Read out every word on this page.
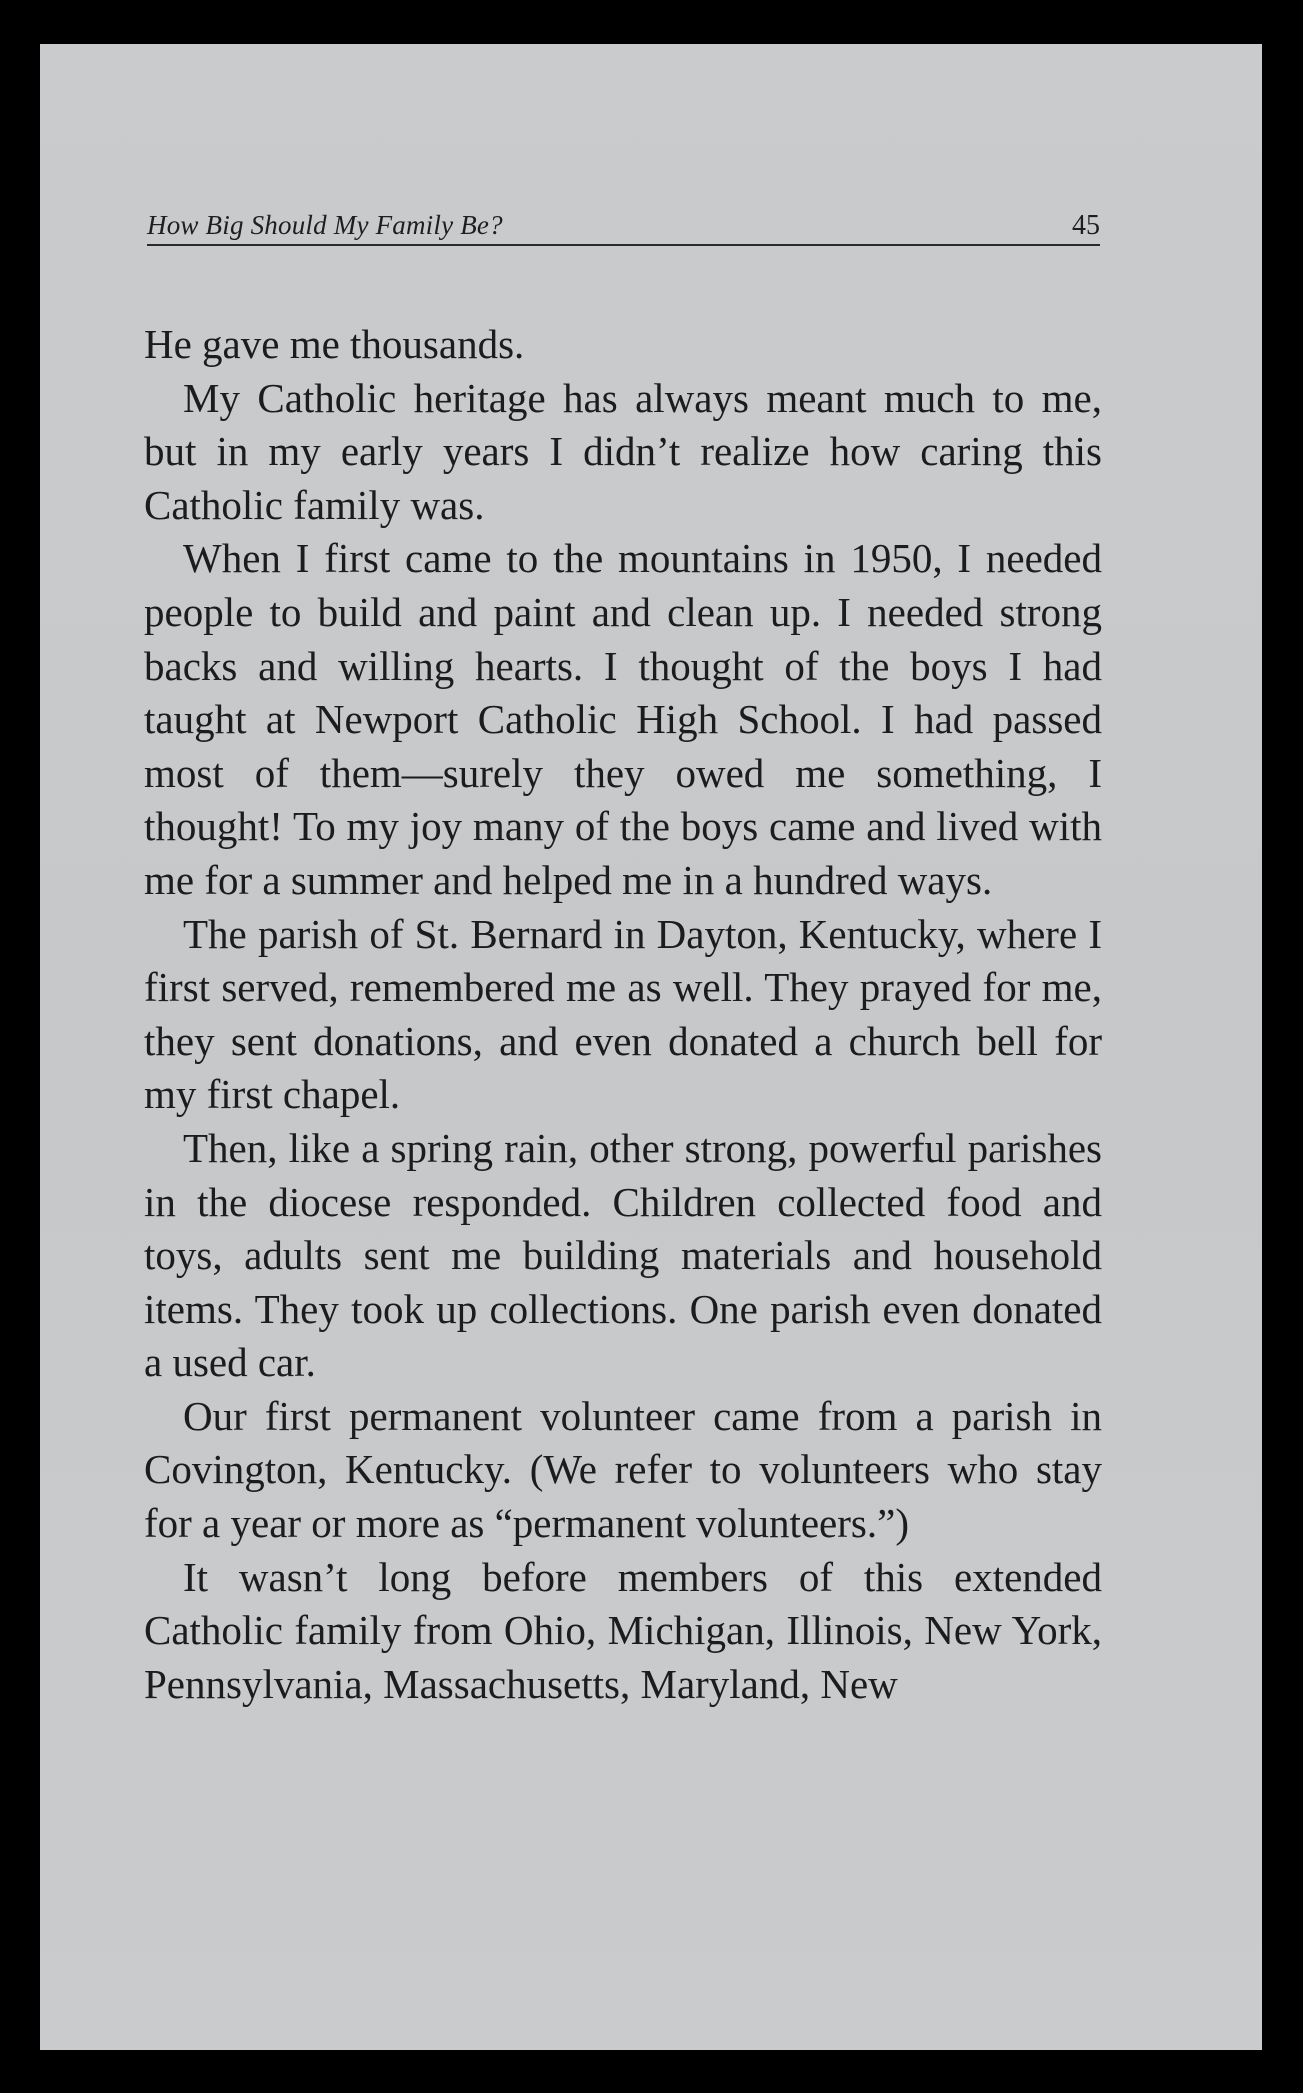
How Big Should My Family Be?	45

He gave me thousands.

My Catholic heritage has always meant much to me, but in my early years I didn’t realize how caring this Catholic family was.

When I first came to the mountains in 1950, I needed people to build and paint and clean up. I needed strong backs and willing hearts. I thought of the boys I had taught at Newport Catholic High School. I had passed most of them—surely they owed me something, I thought! To my joy many of the boys came and lived with me for a summer and helped me in a hundred ways.

The parish of St. Bernard in Dayton, Kentucky, where I first served, remembered me as well. They prayed for me, they sent donations, and even donated a church bell for my first chapel.

Then, like a spring rain, other strong, powerful parishes in the diocese responded. Children collected food and toys, adults sent me building materials and household items. They took up collections. One parish even donated a used car.

Our first permanent volunteer came from a parish in Covington, Kentucky. (We refer to volunteers who stay for a year or more as “permanent volunteers.”)

It wasn’t long before members of this extended Catholic family from Ohio, Michigan, Illinois, New York, Pennsylvania, Massachusetts, Maryland, New
